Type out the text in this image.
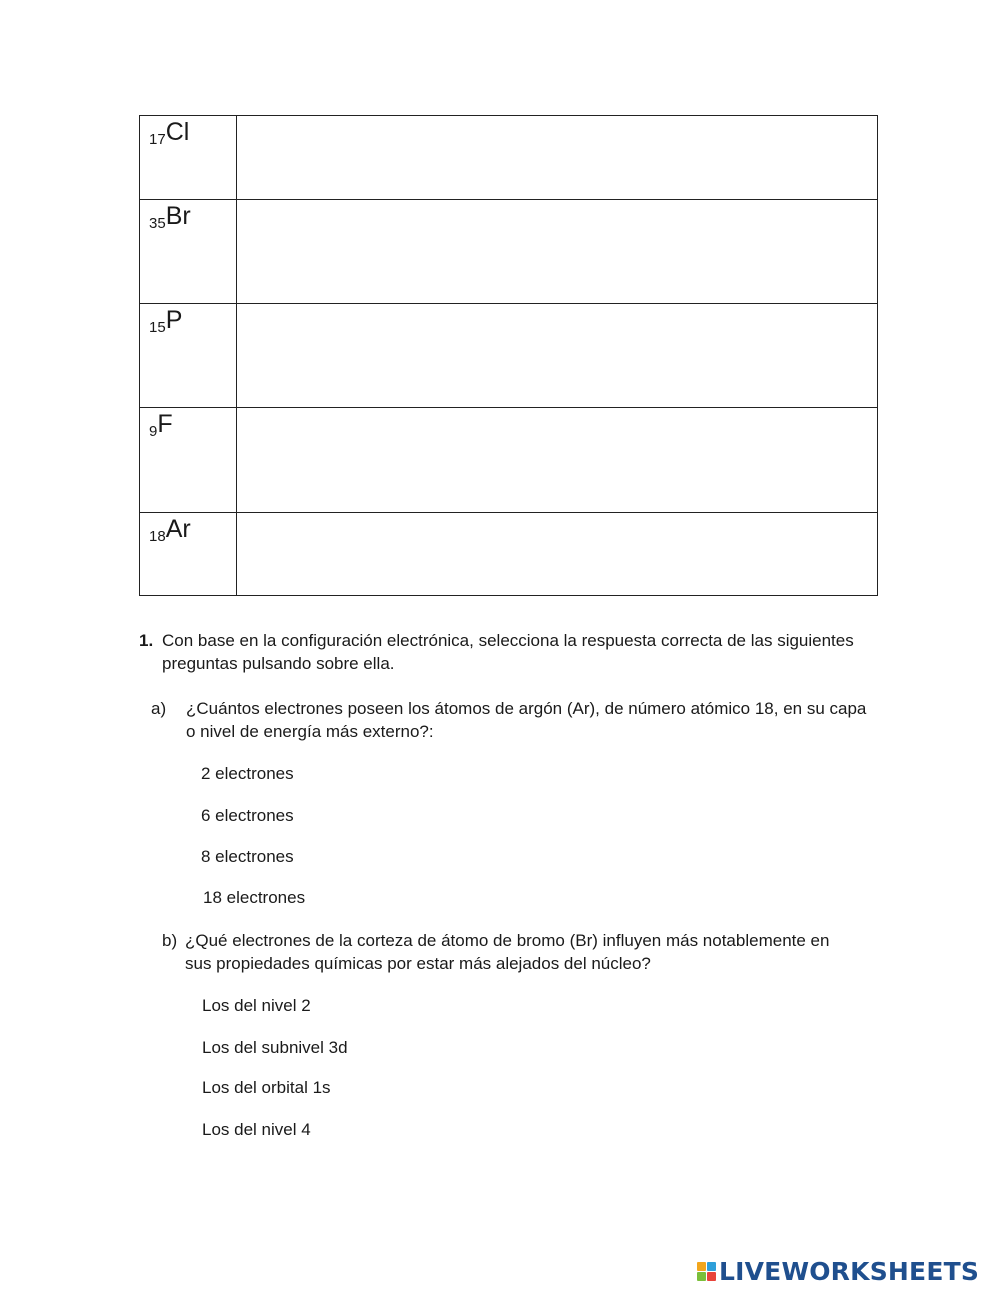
$_{17}$Cl	
$_{35}$Br	
$_{15}$P	
$_9$F	
$_{18}$Ar	
1. Con base en la configuración electrónica, selecciona la respuesta correcta de las siguientes preguntas pulsando sobre ella.
a) ¿Cuántos electrones poseen los átomos de argón (Ar), de número atómico 18, en su capa o nivel de energía más externo?:
2 electrones
6 electrones
8 electrones
18 electrones
b) ¿Qué electrones de la corteza de átomo de bromo (Br) influyen más notablemente en sus propiedades químicas por estar más alejados del núcleo?
Los del nivel 2
Los del subnivel 3d
Los del orbital 1s
Los del nivel 4
LIVEWORKSHEETS
